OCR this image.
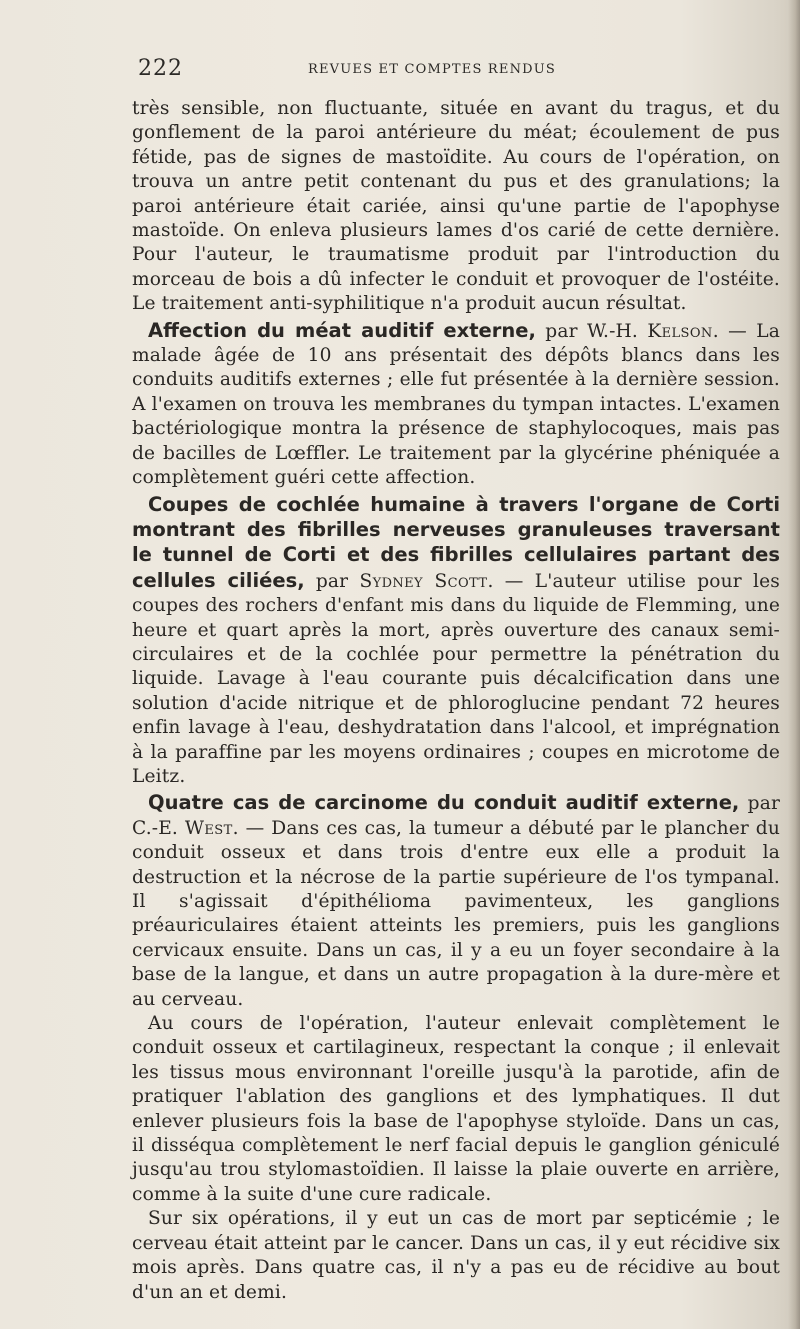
222	REVUES ET COMPTES RENDUS

très sensible, non fluctuante, située en avant du tragus, et du gonflement de la paroi antérieure du méat; écoulement de pus fétide, pas de signes de mastoïdite. Au cours de l'opération, on trouva un antre petit contenant du pus et des granulations; la paroi antérieure était cariée, ainsi qu'une partie de l'apophyse mastoïde. On enleva plusieurs lames d'os carié de cette dernière. Pour l'auteur, le traumatisme produit par l'introduction du morceau de bois a dû infecter le conduit et provoquer de l'ostéite. Le traitement anti-syphilitique n'a produit aucun résultat.

Affection du méat auditif externe, par W.-H. Kelson. — La malade âgée de 10 ans présentait des dépôts blancs dans les conduits auditifs externes ; elle fut présentée à la dernière session. A l'examen on trouva les membranes du tympan intactes. L'examen bactériologique montra la présence de staphylocoques, mais pas de bacilles de Lœffler. Le traitement par la glycérine phéniquée a complètement guéri cette affection.

Coupes de cochlée humaine à travers l'organe de Corti montrant des fibrilles nerveuses granuleuses traversant le tunnel de Corti et des fibrilles cellulaires partant des cellules ciliées, par Sydney Scott. — L'auteur utilise pour les coupes des rochers d'enfant mis dans du liquide de Flemming, une heure et quart après la mort, après ouverture des canaux semi-circulaires et de la cochlée pour permettre la pénétration du liquide. Lavage à l'eau courante puis décalcification dans une solution d'acide nitrique et de phloroglucine pendant 72 heures enfin lavage à l'eau, deshydratation dans l'alcool, et imprégnation à la paraffine par les moyens ordinaires ; coupes en microtome de Leitz.

Quatre cas de carcinome du conduit auditif externe, par C.-E. West. — Dans ces cas, la tumeur a débuté par le plancher du conduit osseux et dans trois d'entre eux elle a produit la destruction et la nécrose de la partie supérieure de l'os tympanal. Il s'agissait d'épithélioma pavimenteux, les ganglions préauriculaires étaient atteints les premiers, puis les ganglions cervicaux ensuite. Dans un cas, il y a eu un foyer secondaire à la base de la langue, et dans un autre propagation à la dure-mère et au cerveau.

Au cours de l'opération, l'auteur enlevait complètement le conduit osseux et cartilagineux, respectant la conque ; il enlevait les tissus mous environnant l'oreille jusqu'à la parotide, afin de pratiquer l'ablation des ganglions et des lymphatiques. Il dut enlever plusieurs fois la base de l'apophyse styloïde. Dans un cas, il disséqua complètement le nerf facial depuis le ganglion géniculé jusqu'au trou stylomastoïdien. Il laisse la plaie ouverte en arrière, comme à la suite d'une cure radicale.

Sur six opérations, il y eut un cas de mort par septicémie ; le cerveau était atteint par le cancer. Dans un cas, il y eut récidive six mois après. Dans quatre cas, il n'y a pas eu de récidive au bout d'un an et demi.
